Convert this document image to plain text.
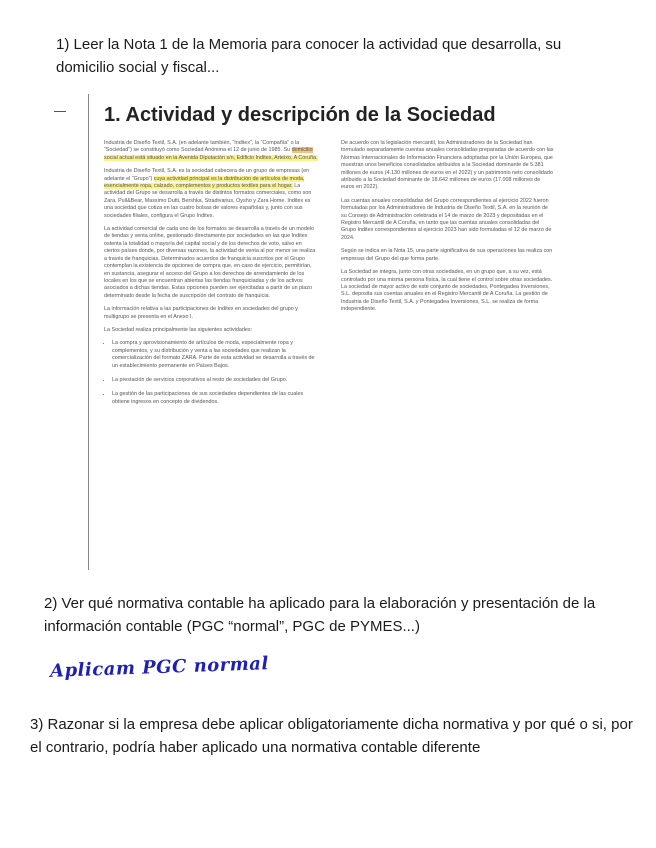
1) Leer la Nota 1 de la Memoria para conocer la actividad que desarrolla, su domicilio social y fiscal...
1. Actividad y descripción de la Sociedad

Industria de Diseño Textil, S.A. (en adelante también, “Inditex”, la “Compañía” o la “Sociedad”) se constituyó como Sociedad Anónima el 12 de junio de 1985. Su domicilio social actual está situado en la Avenida Diputación s/n, Edificio Inditex, Arteixo, A Coruña.

Industria de Diseño Textil, S.A. es la sociedad cabecera de un grupo de empresas (en adelante el “Grupo”) cuya actividad principal es la distribución de artículos de moda, esencialmente ropa, calzado, complementos y productos textiles para el hogar. La actividad del Grupo se desarrolla a través de distintos formatos comerciales, como son Zara, Pull&Bear, Massimo Dutti, Bershka, Stradivarius, Oysho y Zara Home. Inditex es una sociedad que cotiza en las cuatro bolsas de valores españolas y, junto con sus sociedades filiales, configura el Grupo Inditex.

La actividad comercial de cada uno de los formatos se desarrolla a través de un modelo de tiendas y venta online, gestionado directamente por sociedades en las que Inditex ostenta la totalidad o mayoría del capital social y de los derechos de voto, salvo en ciertos países donde, por diversas razones, la actividad de venta al por menor se realiza a través de franquicias. Determinados acuerdos de franquicia suscritos por el Grupo contemplan la existencia de opciones de compra que, en caso de ejercicio, permitirían, en sustancia, asegurar el acceso del Grupo a los derechos de arrendamiento de los locales en los que se encuentran abiertas las tiendas franquiciadas y de los activos asociados a dichas tiendas. Estas opciones pueden ser ejercitadas a partir de un plazo determinado desde la fecha de suscripción del contrato de franquicia.

La información relativa a las participaciones de Inditex en sociedades del grupo y multigrupo se presenta en el Anexo I.

La Sociedad realiza principalmente las siguientes actividades:

• La compra y aprovisionamiento de artículos de moda, especialmente ropa y complementos, y su distribución y venta a las sociedades que realizan la comercialización del formato ZARA. Parte de esta actividad se desarrolla a través de un establecimiento permanente en Países Bajos.
• La prestación de servicios corporativos al resto de sociedades del Grupo.
• La gestión de las participaciones de sus sociedades dependientes de las cuales obtiene ingresos en concepto de dividendos.

De acuerdo con la legislación mercantil, los Administradores de la Sociedad han formulado separadamente cuentas anuales consolidadas preparadas de acuerdo con las Normas Internacionales de Información Financiera adoptadas por la Unión Europea, que muestran unos beneficios consolidados atribuidos a la Sociedad dominante de 5.381 millones de euros (4.130 millones de euros en el 2022) y un patrimonio neto consolidado atribuido a la Sociedad dominante de 18.642 millones de euros (17.008 millones de euros en 2022).

Las cuentas anuales consolidadas del Grupo correspondientes al ejercicio 2022 fueron formuladas por los Administradores de Industria de Diseño Textil, S.A. en la reunión de su Consejo de Administración celebrada el 14 de marzo de 2023 y depositadas en el Registro Mercantil de A Coruña, en tanto que las cuentas anuales consolidadas del Grupo Inditex correspondientes al ejercicio 2023 han sido formuladas el 12 de marzo de 2024.

Según se indica en la Nota 15, una parte significativa de sus operaciones las realiza con empresas del Grupo del que forma parte.

La Sociedad se integra, junto con otras sociedades, en un grupo que, a su vez, está controlado por una misma persona física, la cual tiene el control sobre otras sociedades. La sociedad de mayor activo de este conjunto de sociedades, Pontegadea Inversiones, S.L. deposita sus cuentas anuales en el Registro Mercantil de A Coruña. La gestión de Industria de Diseño Textil, S.A. y Pontegadea Inversiones, S.L. se realiza de forma independiente.

2) Ver qué normativa contable ha aplicado para la elaboración y presentación de la información contable (PGC “normal”, PGC de PYMES...)
Aplicam PGC normal
3) Razonar si la empresa debe aplicar obligatoriamente dicha normativa y por qué o si, por el contrario, podría haber aplicado una normativa contable diferente
